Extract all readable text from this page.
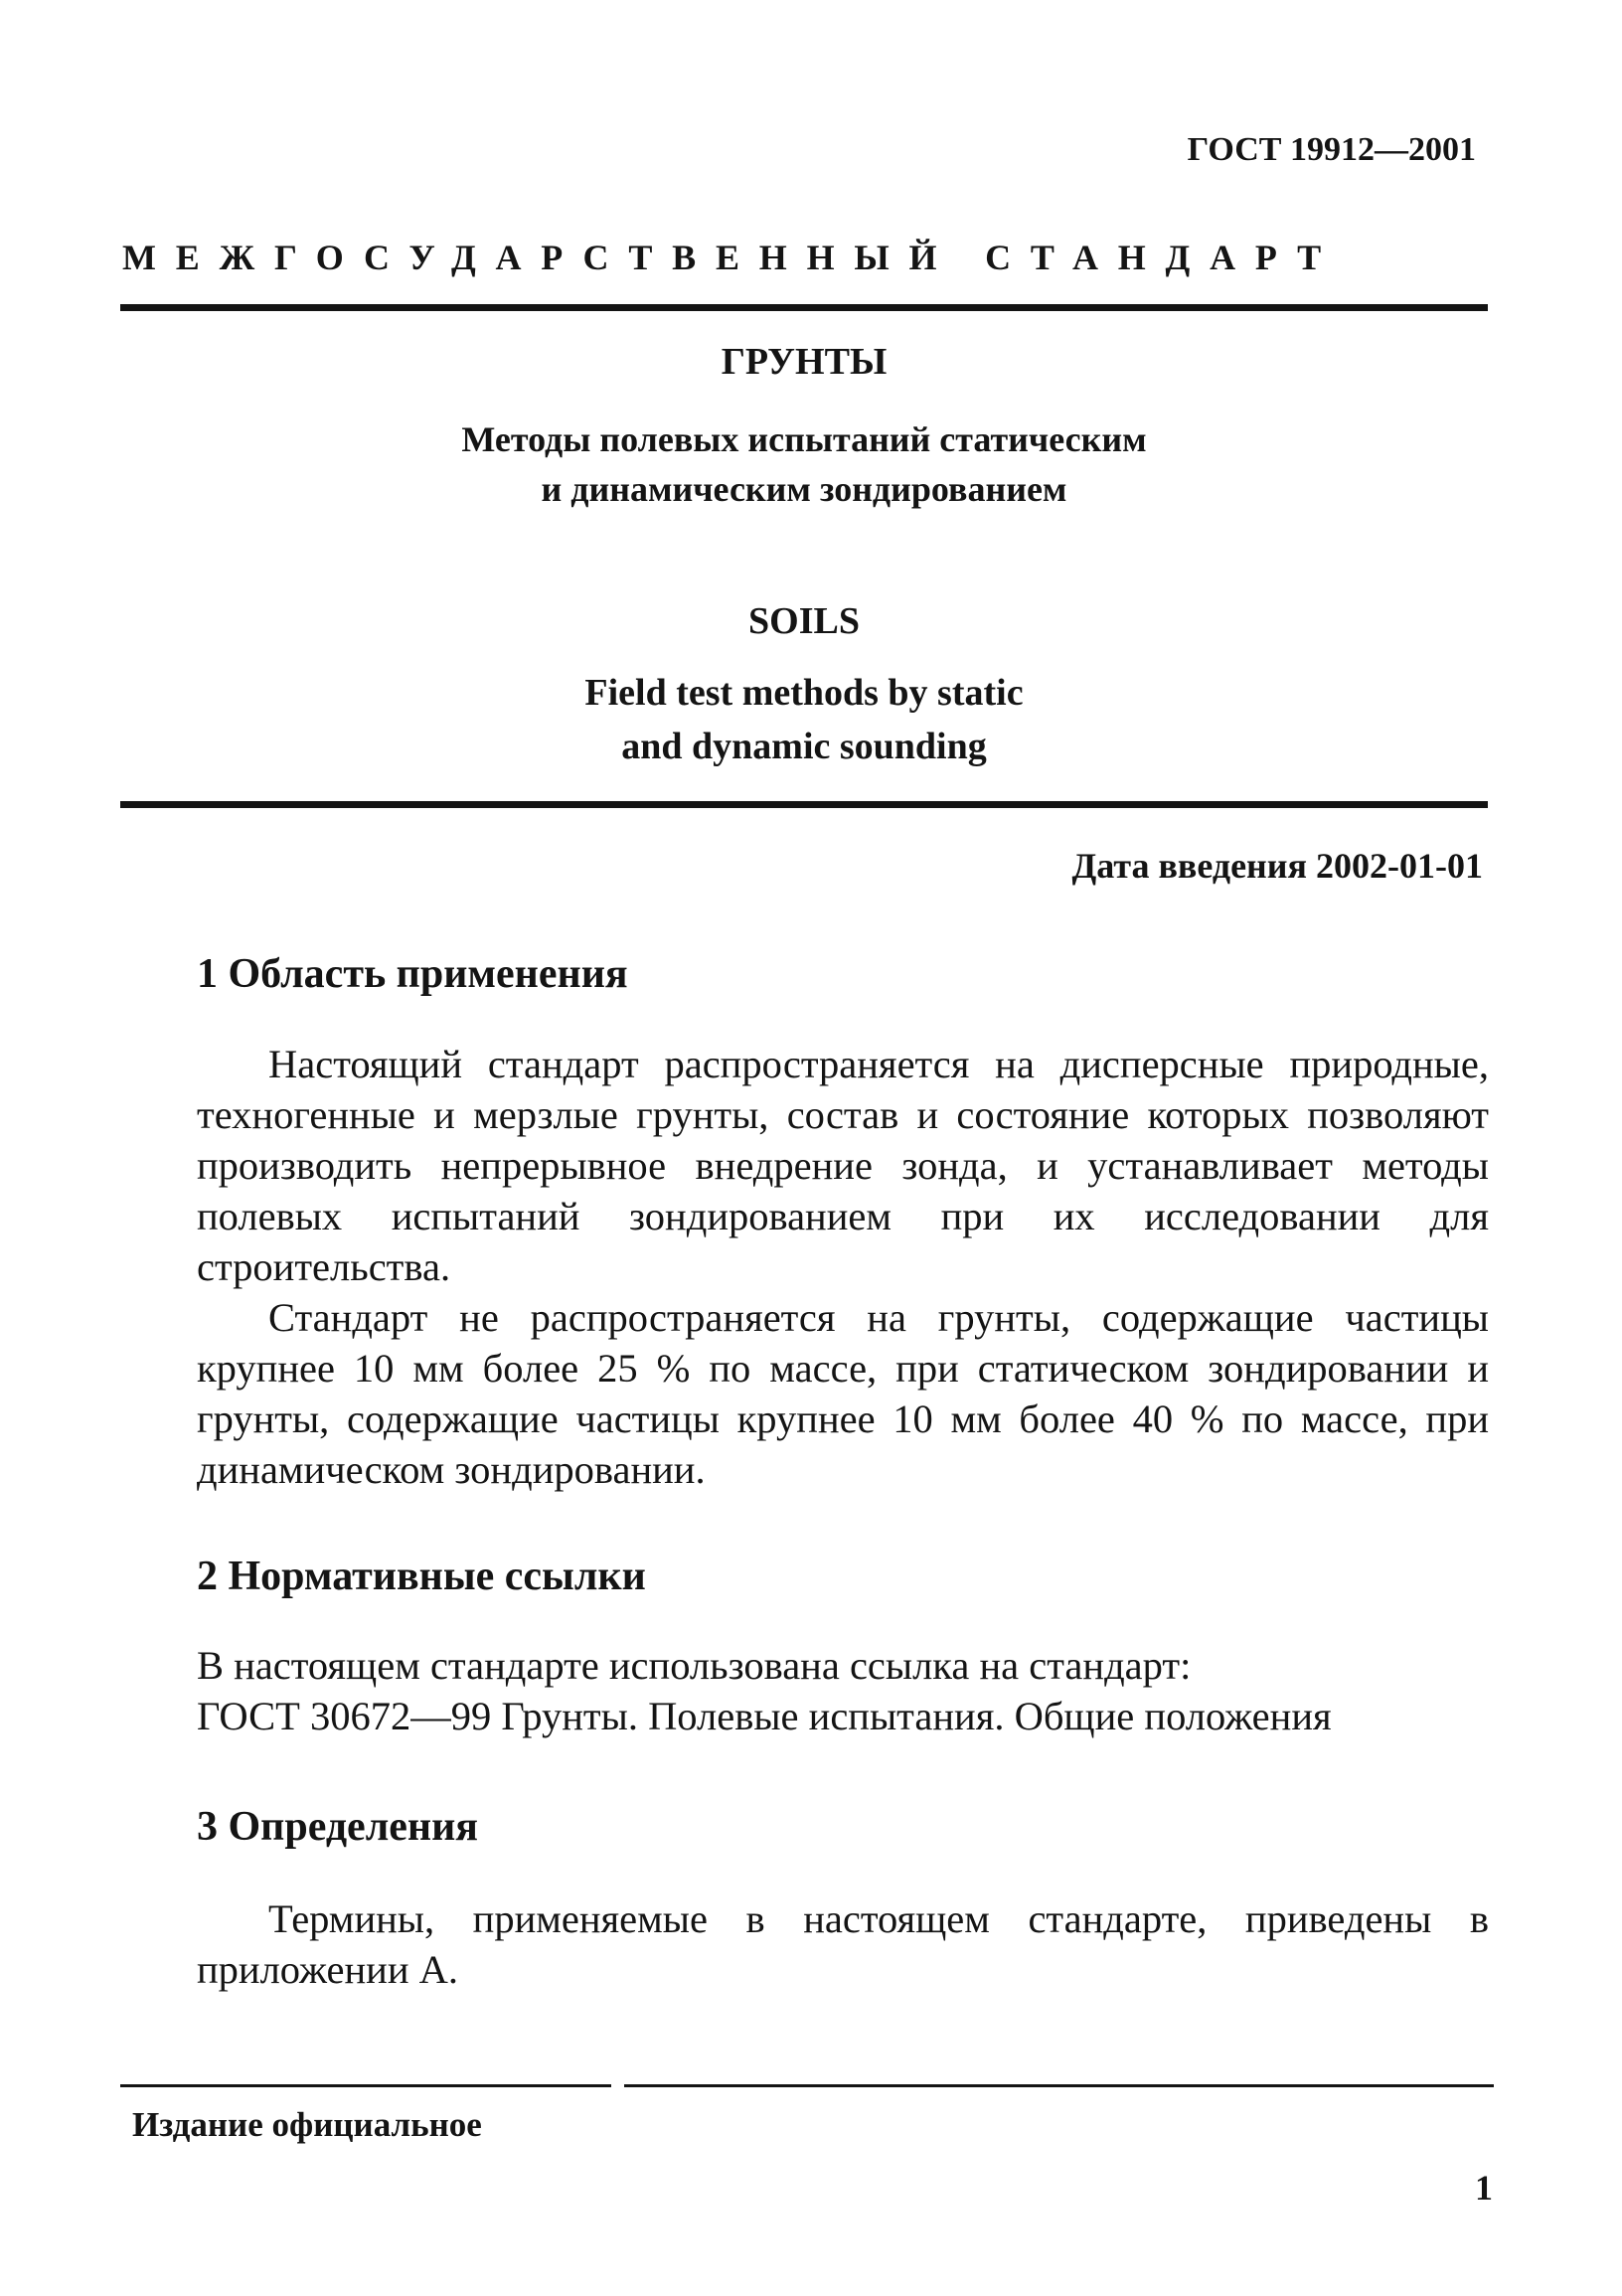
ГОСТ 19912—2001
МЕЖГОСУДАРСТВЕННЫЙ СТАНДАРТ
ГРУНТЫ
Методы полевых испытаний статическим
и динамическим зондированием
SOILS
Field test methods by static
and dynamic sounding
Дата введения 2002-01-01
1 Область применения

Настоящий стандарт распространяется на дисперсные природные, техногенные и мерзлые грунты, состав и состояние которых позволяют производить непрерывное внедрение зонда, и устанавливает методы полевых испытаний зондированием при их исследовании для строительства.

Стандарт не распространяется на грунты, содержащие частицы крупнее 10 мм более 25 % по массе, при статическом зондировании и грунты, содержащие частицы крупнее 10 мм более 40 % по массе, при динамическом зондировании.

2 Нормативные ссылки

В настоящем стандарте использована ссылка на стандарт:

ГОСТ 30672—99 Грунты. Полевые испытания. Общие положения

3 Определения

Термины, применяемые в настоящем стандарте, приведены в приложении А.

Издание официальное
1
